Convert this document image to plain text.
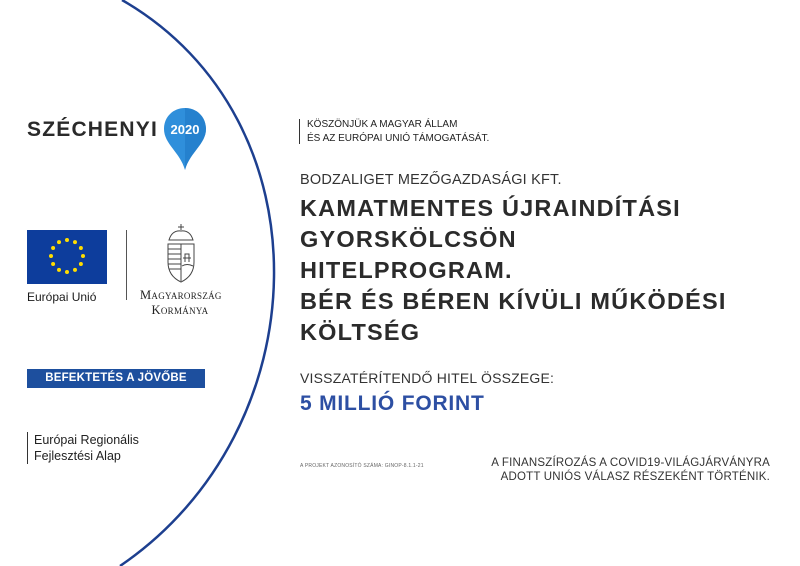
SZÉCHENYI 2020
Európai Unió	Magyarország
Kormánya
BEFEKTETÉS A JÖVŐBE
Európai Regionális
Fejlesztési Alap
KÖSZÖNJÜK A MAGYAR ÁLLAM
ÉS AZ EURÓPAI UNIÓ TÁMOGATÁSÁT.
BODZALIGET MEZŐGAZDASÁGI KFT.
KAMATMENTES ÚJRAINDÍTÁSI
GYORSKÖLCSÖN
HITELPROGRAM.
BÉR ÉS BÉREN KÍVÜLI MŰKÖDÉSI
KÖLTSÉG
VISSZATÉRÍTENDŐ HITEL ÖSSZEGE:
5 MILLIÓ FORINT
A PROJEKT AZONOSÍTÓ SZÁMA: GINOP-8.1.1-21	A FINANSZÍROZÁS A COVID19-VILÁGJÁRVÁNYRA
ADOTT UNIÓS VÁLASZ RÉSZEKÉNT TÖRTÉNIK.
